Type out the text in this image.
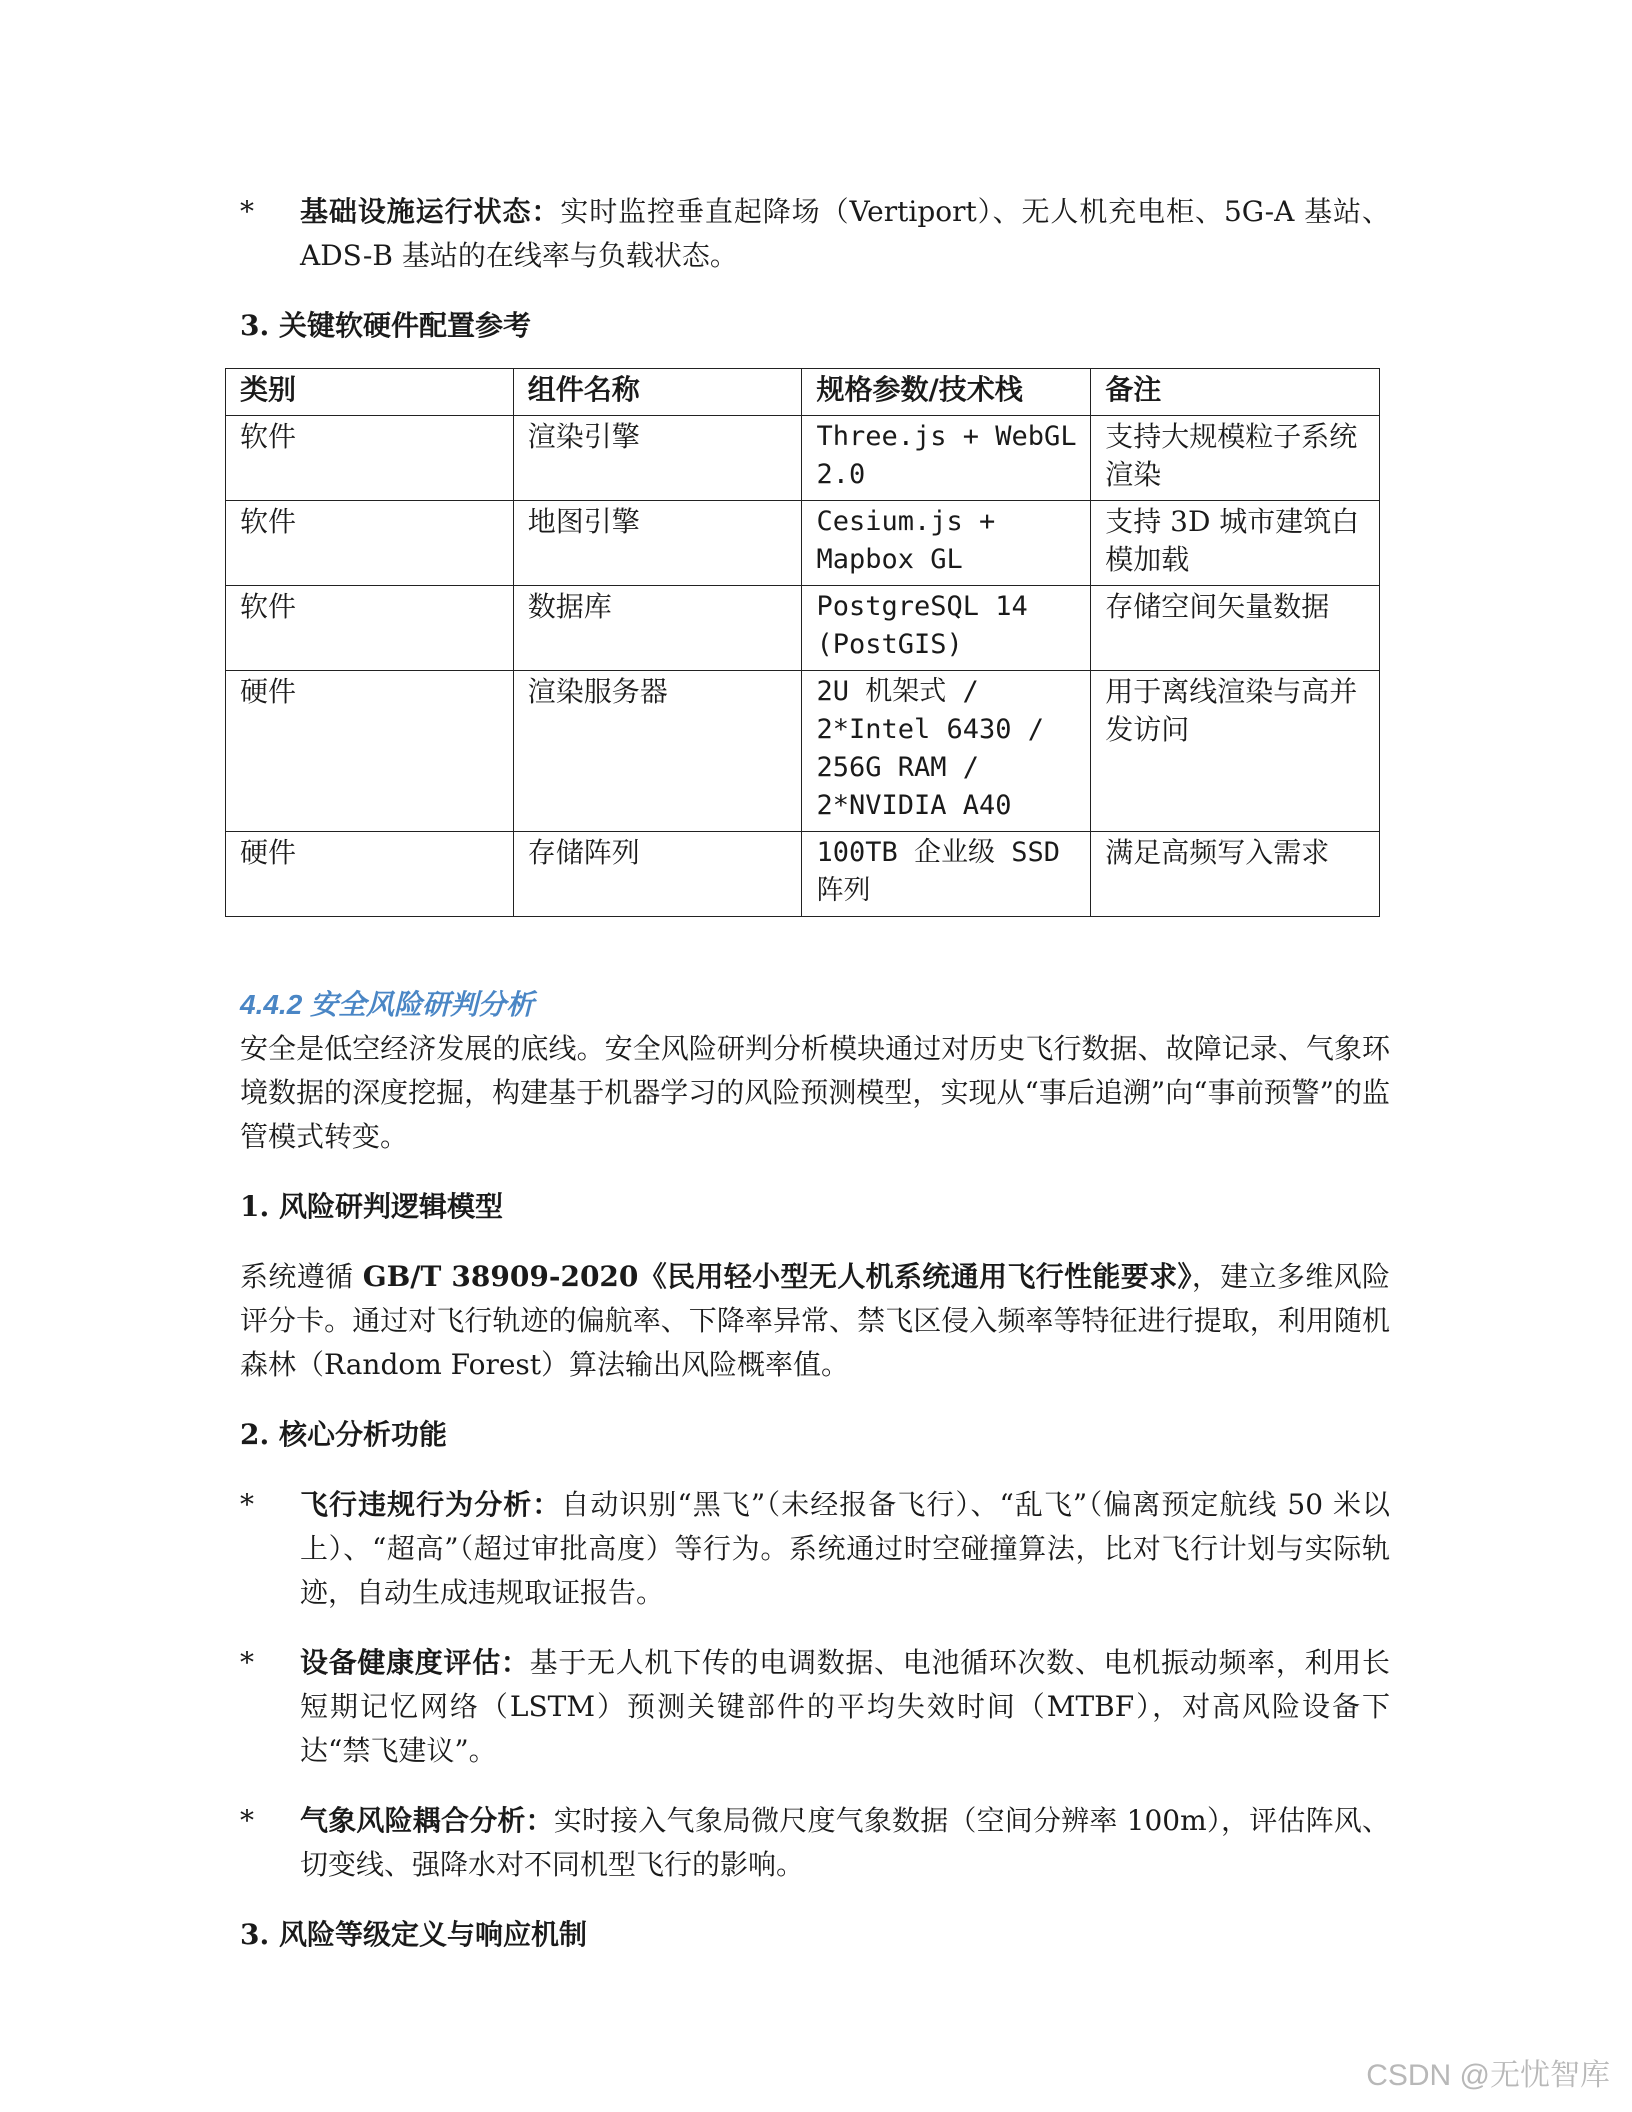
*	基础设施运行状态：实时监控垂直起降场（Vertiport）、无人机充电柜、5G-A 基站、ADS-B 基站的在线率与负载状态。

3. 关键软硬件配置参考

类别	组件名称	规格参数/技术栈	备注
软件	渲染引擎	Three.js + WebGL 2.0	支持大规模粒子系统渲染
软件	地图引擎	Cesium.js + Mapbox GL	支持 3D 城市建筑白模加载
软件	数据库	PostgreSQL 14 (PostGIS)	存储空间矢量数据
硬件	渲染服务器	2U 机架式 / 2*Intel 6430 / 256G RAM / 2*NVIDIA A40	用于离线渲染与高并发访问
硬件	存储阵列	100TB 企业级 SSD 阵列	满足高频写入需求

4.4.2 安全风险研判分析

安全是低空经济发展的底线。安全风险研判分析模块通过对历史飞行数据、故障记录、气象环境数据的深度挖掘，构建基于机器学习的风险预测模型，实现从“事后追溯”向“事前预警”的监管模式转变。

1. 风险研判逻辑模型

系统遵循 GB/T 38909-2020《民用轻小型无人机系统通用飞行性能要求》，建立多维风险评分卡。通过对飞行轨迹的偏航率、下降率异常、禁飞区侵入频率等特征进行提取，利用随机森林（Random Forest）算法输出风险概率值。

2. 核心分析功能

*	飞行违规行为分析：自动识别“黑飞”（未经报备飞行）、“乱飞”（偏离预定航线 50 米以上）、“超高”（超过审批高度）等行为。系统通过时空碰撞算法，比对飞行计划与实际轨迹，自动生成违规取证报告。
*	设备健康度评估：基于无人机下传的电调数据、电池循环次数、电机振动频率，利用长短期记忆网络（LSTM）预测关键部件的平均失效时间（MTBF），对高风险设备下达“禁飞建议”。
*	气象风险耦合分析：实时接入气象局微尺度气象数据（空间分辨率 100m），评估阵风、切变线、强降水对不同机型飞行的影响。

3. 风险等级定义与响应机制

CSDN @无忧智库
